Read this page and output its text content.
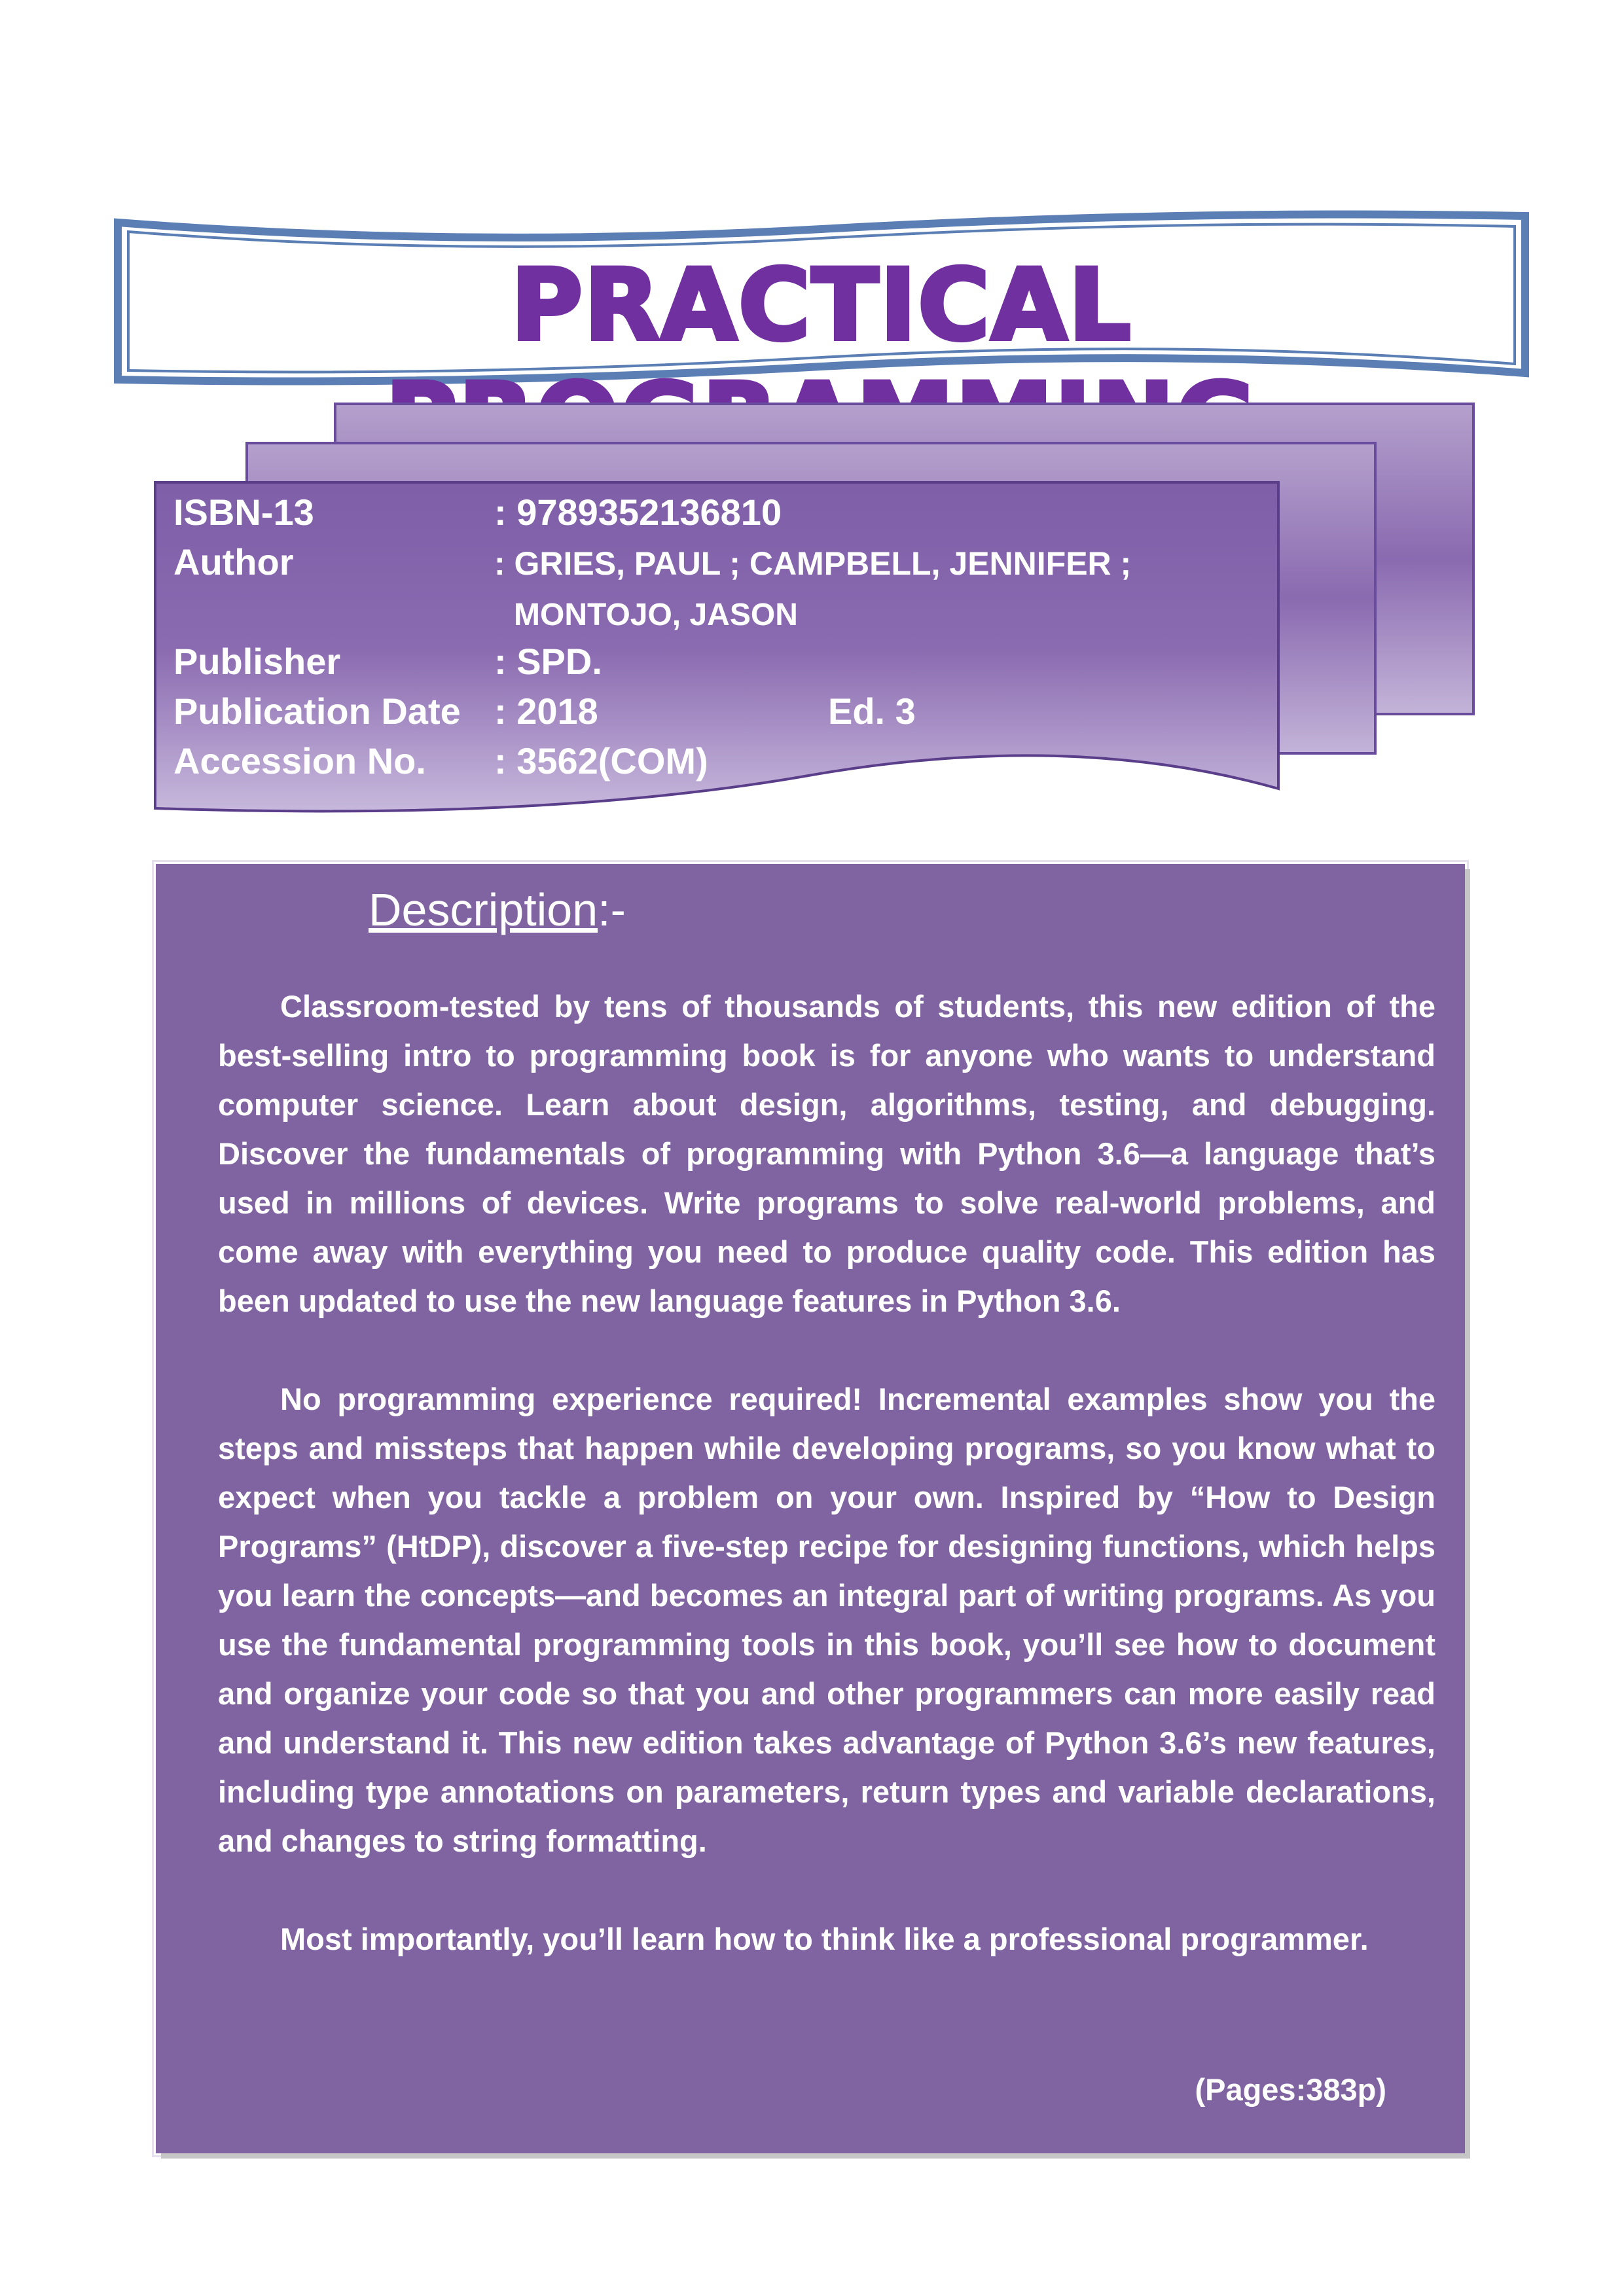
PRACTICAL
ISBN-13	: 9789352136810
Author	: GRIES, PAUL ; CAMPBELL, JENNIFER ;
MONTOJO, JASON
Publisher	: SPD.
Publication Date : 2018	Ed. 3
Accession No. : 3562(COM)
Description:-

Classroom-tested by tens of thousands of students, this new edition of the best-selling intro to programming book is for anyone who wants to understand computer science. Learn about design, algorithms, testing, and debugging. Discover the fundamentals of programming with Python 3.6—a language that’s used in millions of devices. Write programs to solve real-world problems, and come away with everything you need to produce quality code. This edition has been updated to use the new language features in Python 3.6.

No programming experience required! Incremental examples show you the steps and missteps that happen while developing programs, so you know what to expect when you tackle a problem on your own. Inspired by “How to Design Programs” (HtDP), discover a five-step recipe for designing functions, which helps you learn the concepts—and becomes an integral part of writing programs. As you use the fundamental programming tools in this book, you’ll see how to document and organize your code so that you and other programmers can more easily read and understand it. This new edition takes advantage of Python 3.6’s new features, including type annotations on parameters, return types and variable declarations, and changes to string formatting.

Most importantly, you’ll learn how to think like a professional programmer.

(Pages:383p)
